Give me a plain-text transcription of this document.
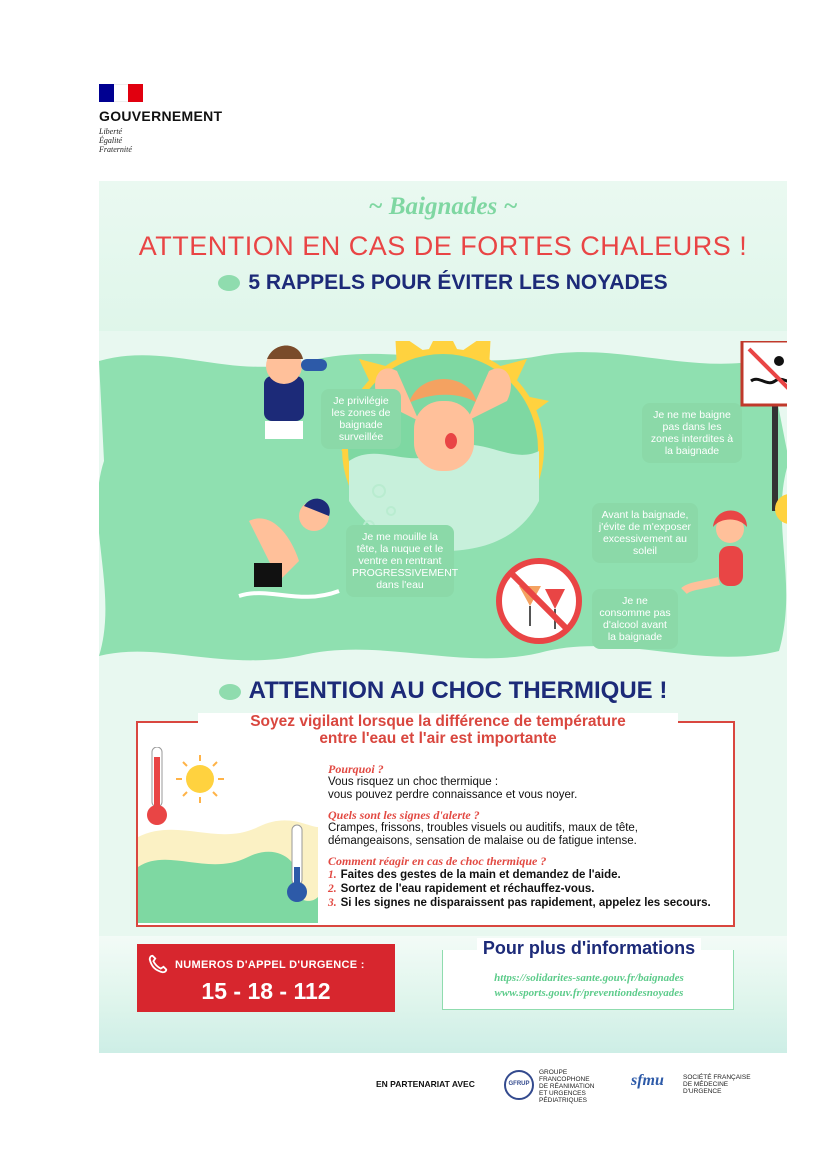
GOUVERNEMENT
Liberté
Égalité
Fraternité
~ Baignades ~
ATTENTION EN CAS DE FORTES CHALEURS !
5 RAPPELS POUR ÉVITER LES NOYADES
Je privilégie les zones de baignade surveillée
Je ne me baigne pas dans les zones interdites à la baignade
Je me mouille la tête, la nuque et le ventre en rentrant PROGRESSIVEMENT dans l'eau
Avant la baignade, j'évite de m'exposer excessivement au soleil
Je ne consomme pas d'alcool avant la baignade
ATTENTION AU CHOC THERMIQUE !
Soyez vigilant lorsque la différence de température
entre l'eau et l'air est importante
Pourquoi ?
Vous risquez un choc thermique :
vous pouvez perdre connaissance et vous noyer.
Quels sont les signes d'alerte ?
Crampes, frissons, troubles visuels ou auditifs, maux de tête,
démangeaisons, sensation de malaise ou de fatigue intense.
Comment réagir en cas de choc thermique ?
1. Faites des gestes de la main et demandez de l'aide.
2. Sortez de l'eau rapidement et réchauffez-vous.
3. Si les signes ne disparaissent pas rapidement, appelez les secours.
NUMEROS D'APPEL D'URGENCE :
15 - 18 - 112
Pour plus d'informations
https://solidarites-sante.gouv.fr/baignades
www.sports.gouv.fr/preventiondesnoyades
EN PARTENARIAT AVEC	GFRUP
GROUPE FRANCOPHONE
DE RÉANIMATION
ET URGENCES
PÉDIATRIQUES
sfmu	SOCIÉTÉ FRANÇAISE
DE MÉDECINE
D'URGENCE
